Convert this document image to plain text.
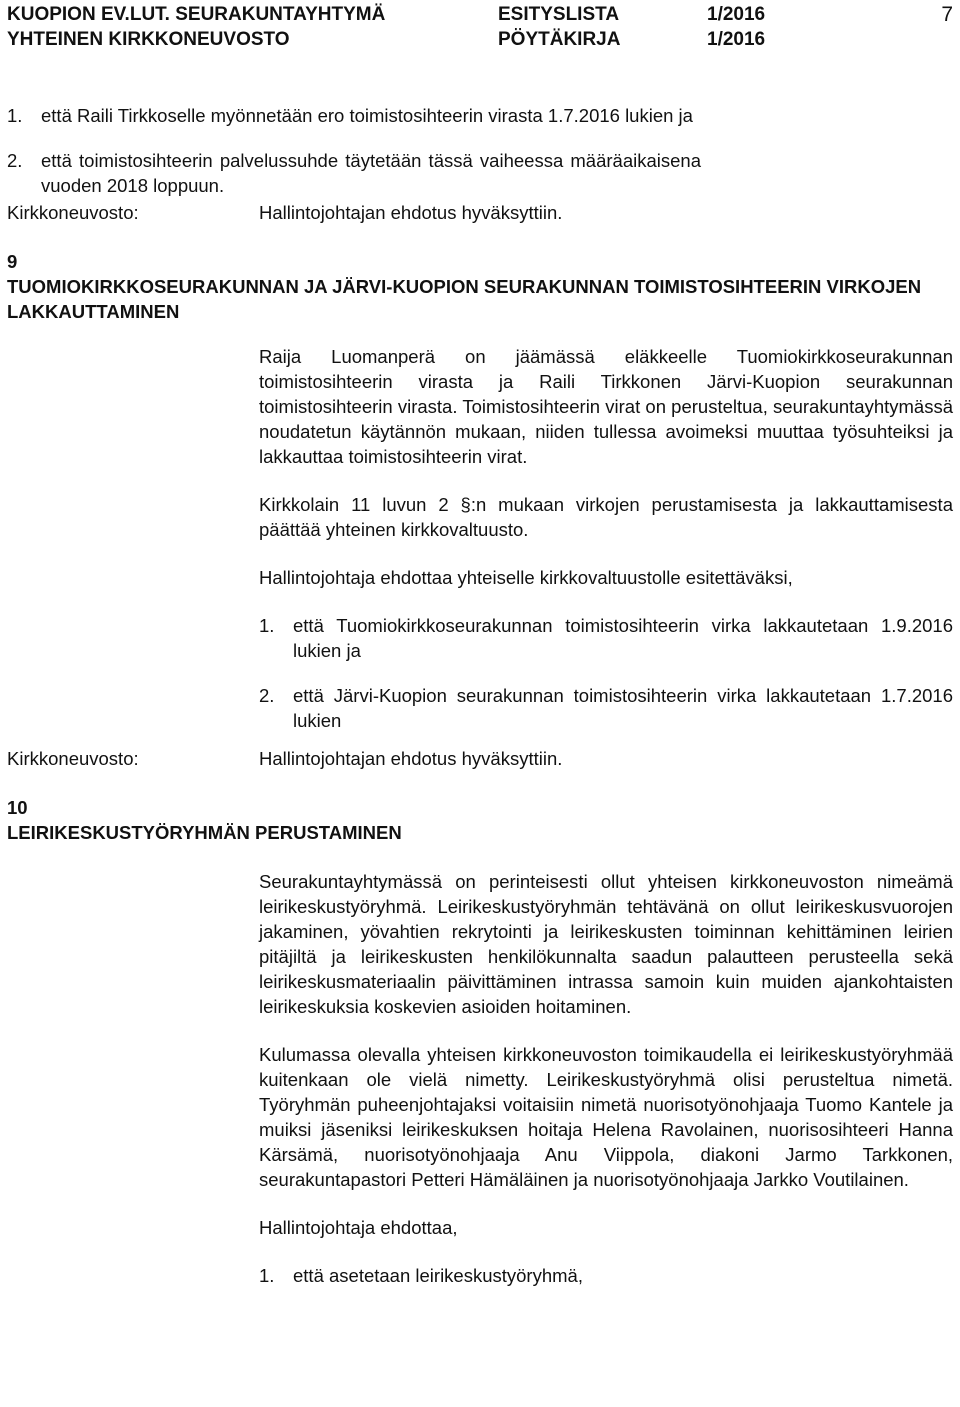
KUOPION EV.LUT. SEURAKUNTAYHTYMÄ	ESITYSLISTA	1/2016	7
YHTEINEN KIRKKONEUVOSTO	PÖYTÄKIRJA	1/2016
1. että Raili Tirkkoselle myönnetään ero toimistosihteerin virasta 1.7.2016 lukien ja
2. että toimistosihteerin palvelussuhde täytetään tässä vaiheessa määräaikaisena vuoden 2018 loppuun.
Kirkkoneuvosto:	Hallintojohtajan ehdotus hyväksyttiin.

9

TUOMIOKIRKKOSEURAKUNNAN JA JÄRVI-KUOPION SEURAKUNNAN TOIMISTOSIHTEERIN VIRKOJEN LAKKAUTTAMINEN

Raija Luomanperä on jäämässä eläkkeelle Tuomiokirkkoseurakunnan toimistosihteerin virasta ja Raili Tirkkonen Järvi-Kuopion seurakunnan toimistosihteerin virasta. Toimistosihteerin virat on perusteltua, seurakuntayhtymässä noudatetun käytännön mukaan, niiden tullessa avoimeksi muuttaa työsuhteiksi ja lakkauttaa toimistosihteerin virat.

Kirkkolain 11 luvun 2 §:n mukaan virkojen perustamisesta ja lakkauttamisesta päättää yhteinen kirkkovaltuusto.

Hallintojohtaja ehdottaa yhteiselle kirkkovaltuustolle esitettäväksi,

1. että Tuomiokirkkoseurakunnan toimistosihteerin virka lakkautetaan 1.9.2016 lukien ja
2. että Järvi-Kuopion seurakunnan toimistosihteerin virka lakkautetaan 1.7.2016 lukien
Kirkkoneuvosto:	Hallintojohtajan ehdotus hyväksyttiin.

10

LEIRIKESKUSTYÖRYHMÄN PERUSTAMINEN

Seurakuntayhtymässä on perinteisesti ollut yhteisen kirkkoneuvoston nimeämä leirikeskustyöryhmä. Leirikeskustyöryhmän tehtävänä on ollut leirikeskusvuorojen jakaminen, yövahtien rekrytointi ja leirikeskusten toiminnan kehittäminen leirien pitäjiltä ja leirikeskusten henkilökunnalta saadun palautteen perusteella sekä leirikeskusmateriaalin päivittäminen intrassa samoin kuin muiden ajankohtaisten leirikeskuksia koskevien asioiden hoitaminen.

Kulumassa olevalla yhteisen kirkkoneuvoston toimikaudella ei leirikeskustyöryhmää kuitenkaan ole vielä nimetty. Leirikeskustyöryhmä olisi perusteltua nimetä. Työryhmän puheenjohtajaksi voitaisiin nimetä nuorisotyönohjaaja Tuomo Kantele ja muiksi jäseniksi leirikeskuksen hoitaja Helena Ravolainen, nuorisosihteeri Hanna Kärsämä, nuorisotyönohjaaja Anu Viippola, diakoni Jarmo Tarkkonen, seurakuntapastori Petteri Hämäläinen ja nuorisotyönohjaaja Jarkko Voutilainen.

Hallintojohtaja ehdottaa,

1. että asetetaan leirikeskustyöryhmä,
